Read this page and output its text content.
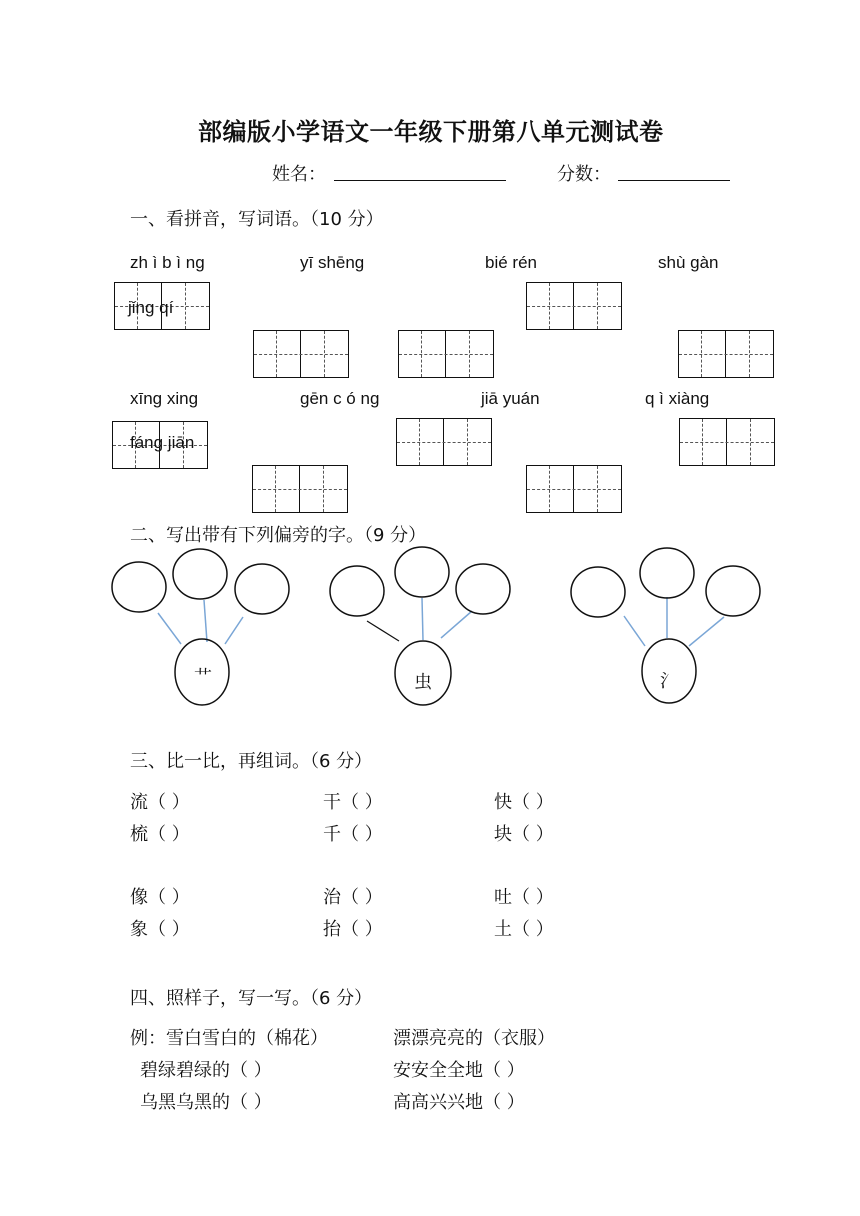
部编版小学语文一年级下册第八单元测试卷
姓名：	分数：
一、看拼音，写词语。（10 分）
zh ì b ì ng	yī shēng	bié rén	shù gàn
jǐng qí
xīng xing	gēn c ó ng	jiā yuán	q ì xiàng
fáng jiān
二、写出带有下列偏旁的字。（9 分）
艹	虫	氵
三、比一比，再组词。（6 分）
流（ ）	干（ ）	快（ ）
梳（ ）	千（ ）	块（ ）
像（ ）	治（ ）	吐（ ）
象（ ）	抬（ ）	土（ ）
四、照样子，写一写。（6 分）
例：雪白雪白的（棉花）	漂漂亮亮的（衣服）
碧绿碧绿的（ ）	安安全全地（ ）
乌黑乌黑的（ ）	高高兴兴地（ ）
